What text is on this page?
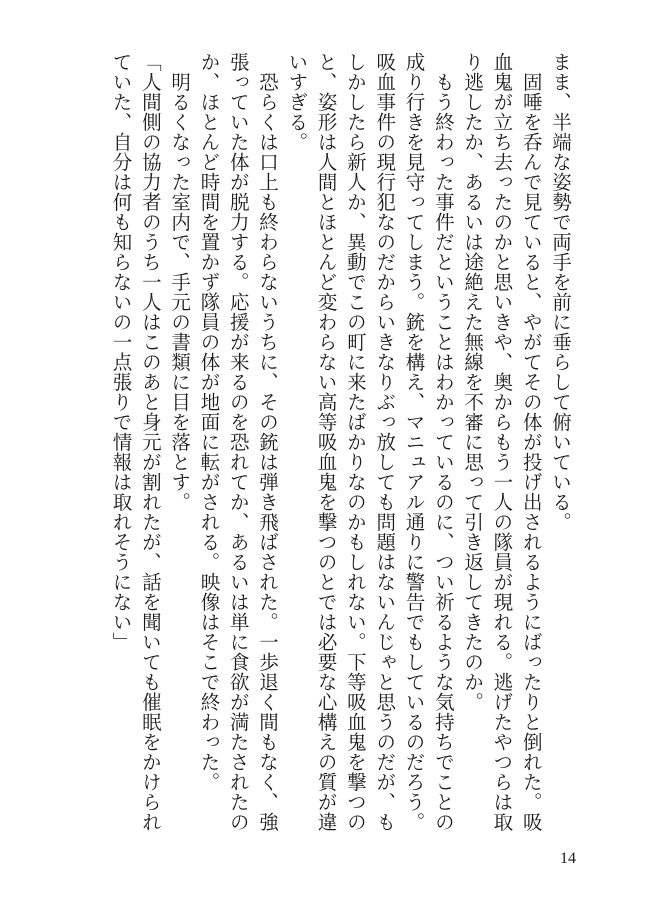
まま、半端な姿勢で両手を前に垂らして俯いている。
　固唾を呑んで見ていると、やがてその体が投げ出されるようにばったりと倒れた。吸
血鬼が立ち去ったのかと思いきや、奥からもう一人の隊員が現れる。逃げたやつらは取
り逃したか、あるいは途絶えた無線を不審に思って引き返してきたのか。
　もう終わった事件だということはわかっているのに、つい祈るような気持ちでことの
成り行きを見守ってしまう。銃を構え、マニュアル通りに警告でもしているのだろう。
吸血事件の現行犯なのだからいきなりぶっ放しても問題はないんじゃと思うのだが、も
しかしたら新人か、異動でこの町に来たばかりなのかもしれない。下等吸血鬼を撃つの
と、姿形は人間とほとんど変わらない高等吸血鬼を撃つのとでは必要な心構えの質が違
いすぎる。
　恐らくは口上も終わらないうちに、その銃は弾き飛ばされた。一歩退く間もなく、強
張っていた体が脱力する。応援が来るのを恐れてか、あるいは単に食欲が満たされたの
か、ほとんど時間を置かず隊員の体が地面に転がされる。映像はそこで終わった。
　明るくなった室内で、手元の書類に目を落とす。
「人間側の協力者のうち一人はこのあと身元が割れたが、話を聞いても催眠をかけられ
ていた、自分は何も知らないの一点張りで情報は取れそうにない」
14
